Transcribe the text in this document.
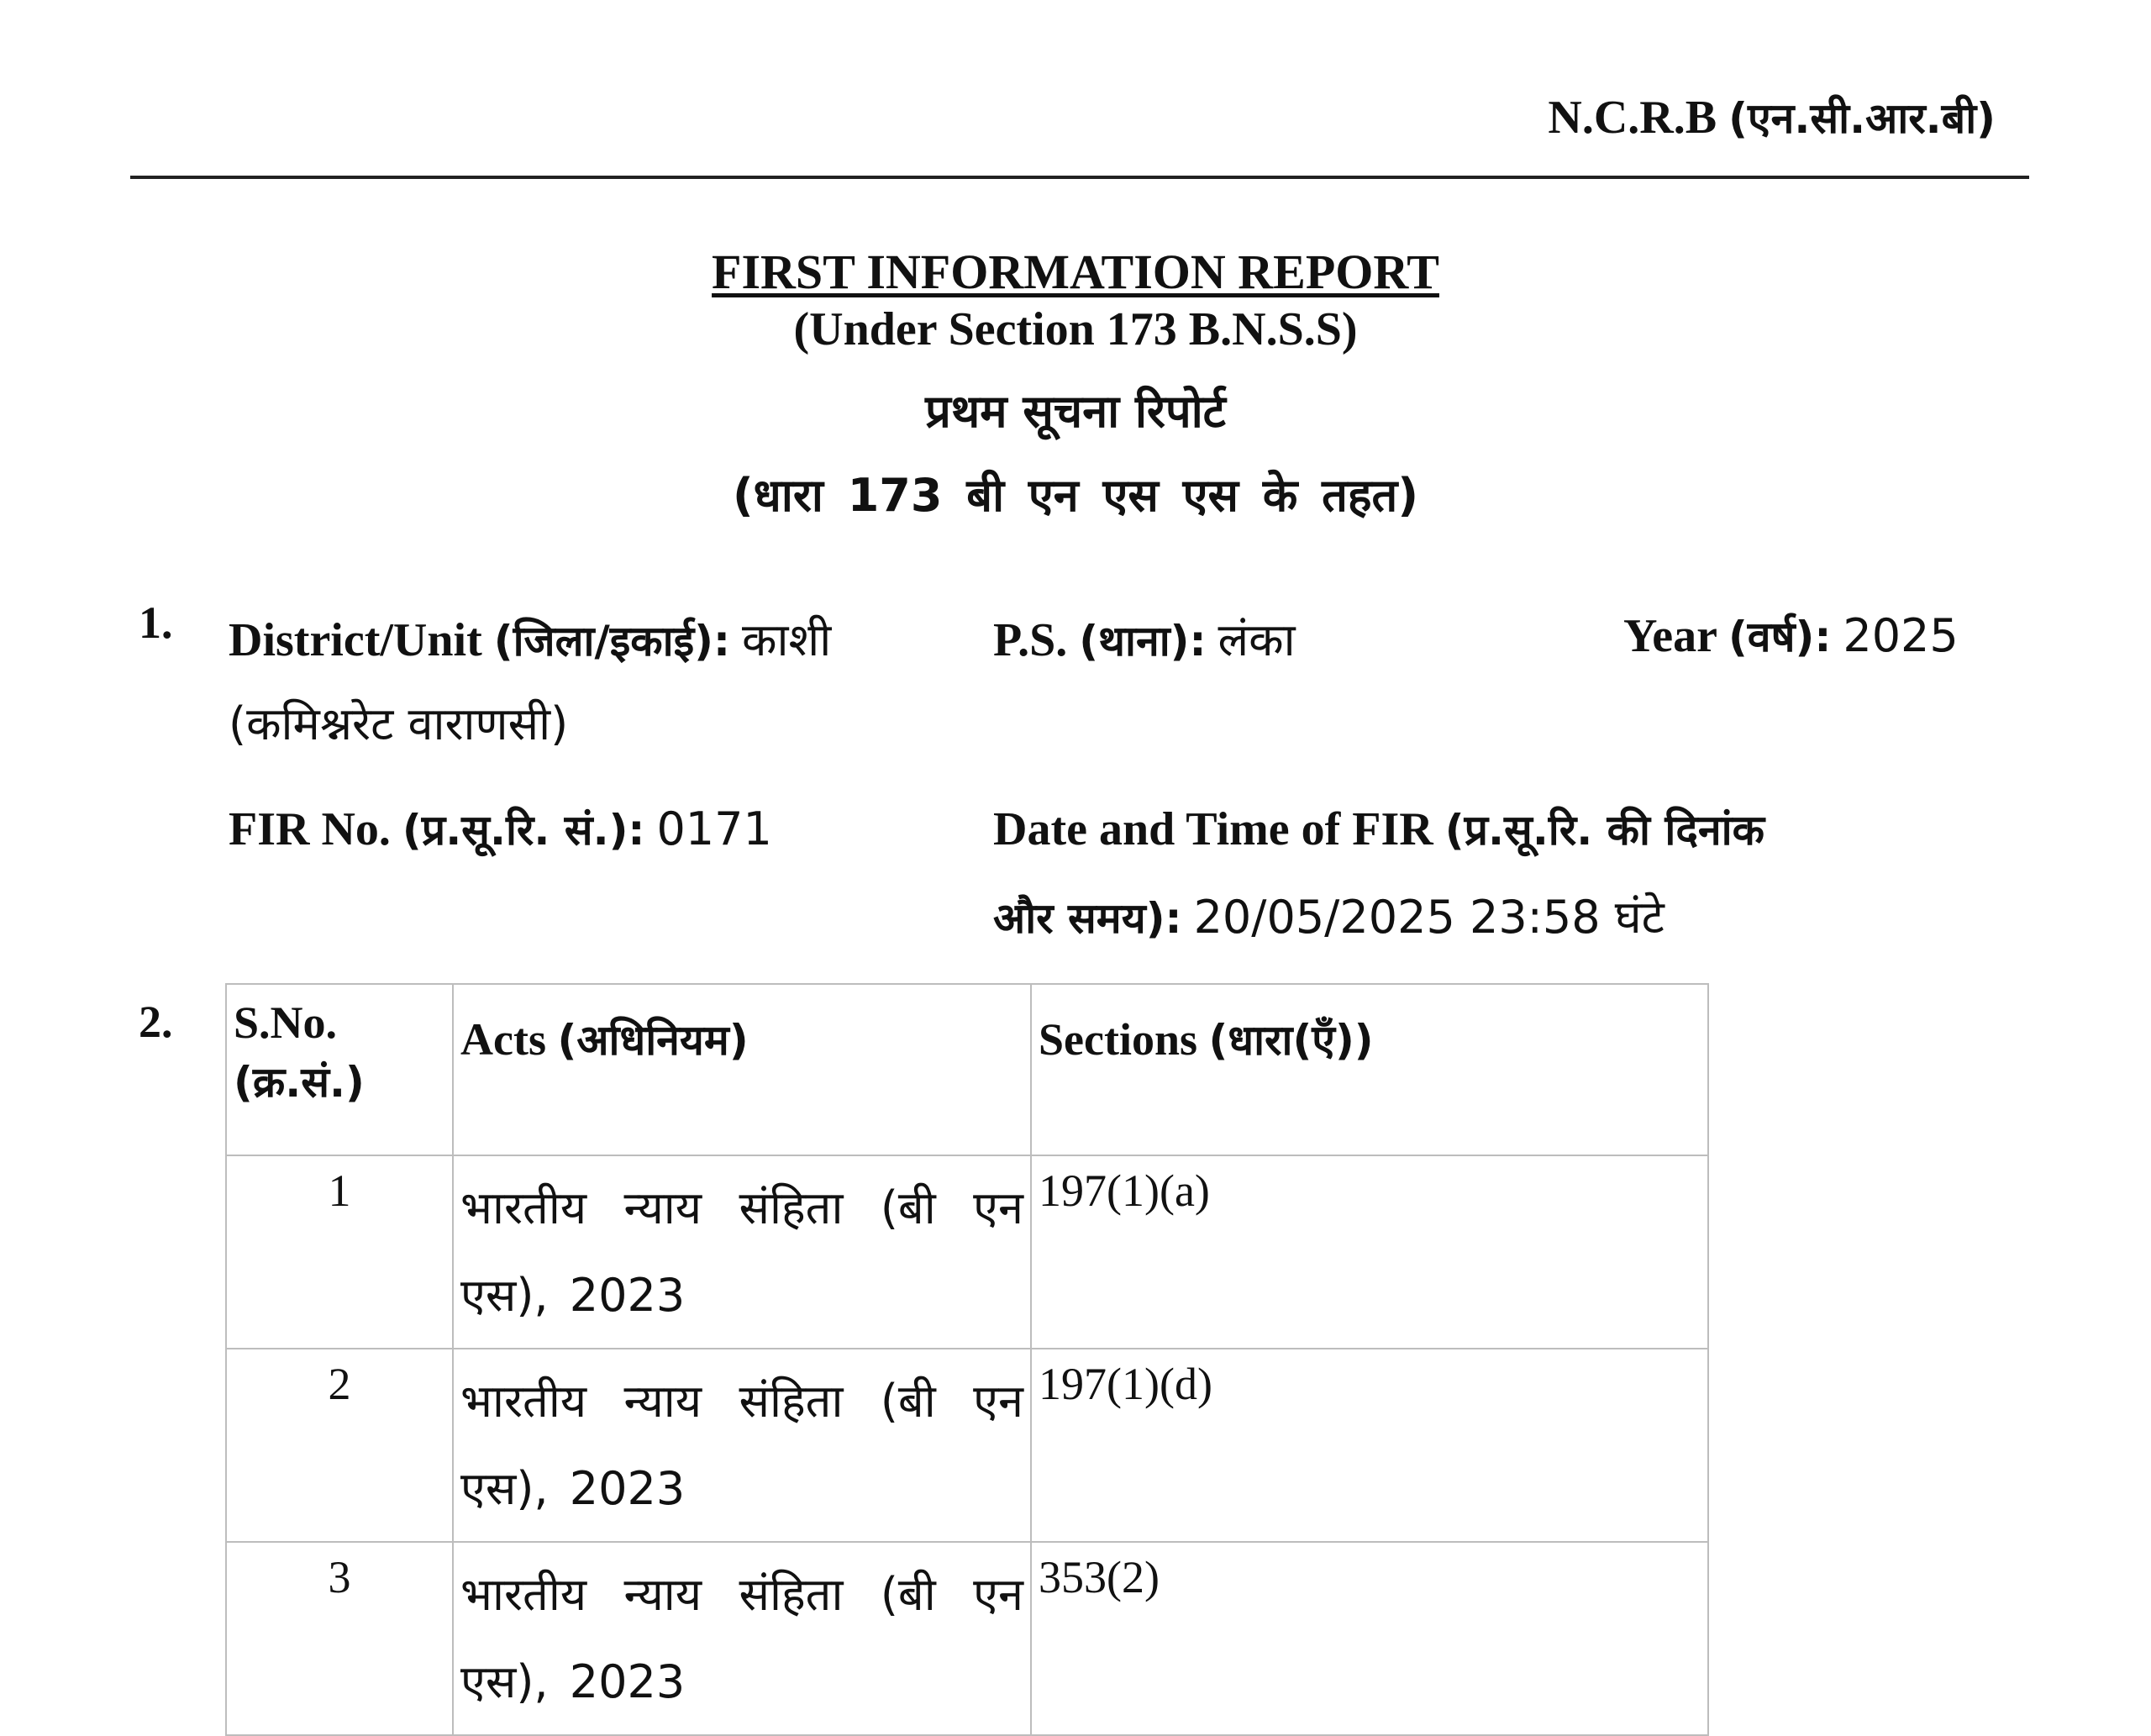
N.C.R.B (एन.सी.आर.बी)
FIRST INFORMATION REPORT
(Under Section 173 B.N.S.S)
प्रथम सूचना रिपोर्ट
(धारा 173 बी एन एस एस के तहत)
1. District/Unit (जिला/इकाई): काशी
(कमिश्नरेट वाराणसी)
P.S. (थाना): लंका	Year (वर्ष): 2025
FIR No. (प्र.सू.रि. सं.): 0171	Date and Time of FIR (प्र.सू.रि. की दिनांक
और समय): 20/05/2025 23:58 घंटे
2. S.No.
(क्र.सं.)	Acts (अधिनियम)	Sections (धारा(एँ))
1	भारतीय न्याय संहिता (बी एन एस), 2023	197(1)(a)
2	भारतीय न्याय संहिता (बी एन एस), 2023	197(1)(d)
3	भारतीय न्याय संहिता (बी एन एस), 2023	353(2)
